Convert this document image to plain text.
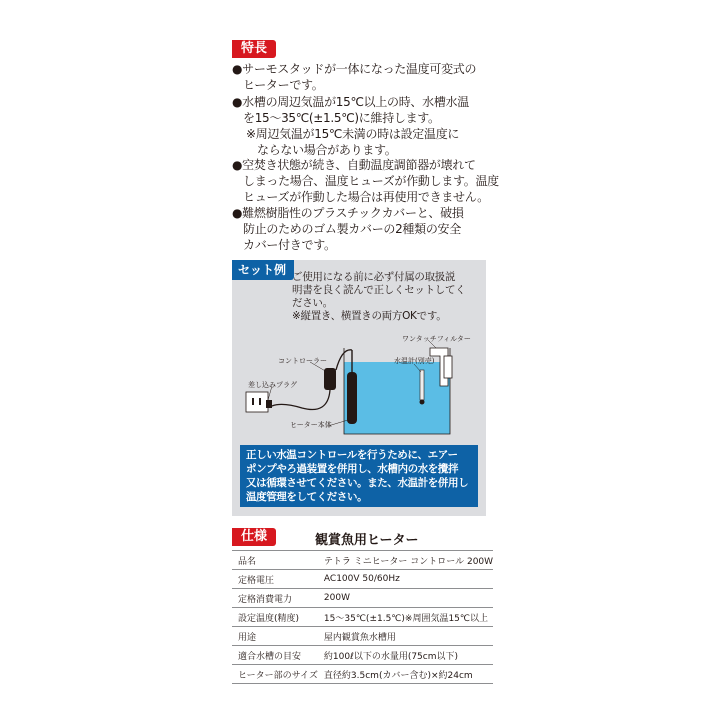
特長
●サーモスタッドが一体になった温度可変式の
ヒーターです。
●水槽の周辺気温が15℃以上の時、水槽水温
を15～35℃(±1.5℃)に維持します。
※周辺気温が15℃未満の時は設定温度に
ならない場合があります。
●空焚き状態が続き、自動温度調節器が壊れて
しまった場合、温度ヒューズが作動します。温度
ヒューズが作動した場合は再使用できません。
●難燃樹脂性のプラスチックカバーと、破損
防止のためのゴム製カバーの2種類の安全
カバー付きです。
セット例 ご使用になる前に必ず付属の取扱説
明書を良く読んで正しくセットしてく
ださい。
※縦置き、横置きの両方OKです。
ワンタッチフィルター
水温計(別売)
コントローラー
差し込みプラグ
ヒーター本体
正しい水温コントロールを行うために、エアー
ポンプやろ過装置を併用し、水槽内の水を攪拌
又は循環させてください。また、水温計を併用し
温度管理をしてください。
仕様	観賞魚用ヒーター
品名	テトラ ミニヒーター コントロール 200W
定格電圧	AC100V 50/60Hz
定格消費電力	200W
設定温度(精度)	15～35℃(±1.5℃)※周囲気温15℃以上
用途	屋内観賞魚水槽用
適合水槽の目安	約100ℓ以下の水量用(75cm以下)
ヒーター部のサイズ	直径約3.5cm(カバー含む)×約24cm
